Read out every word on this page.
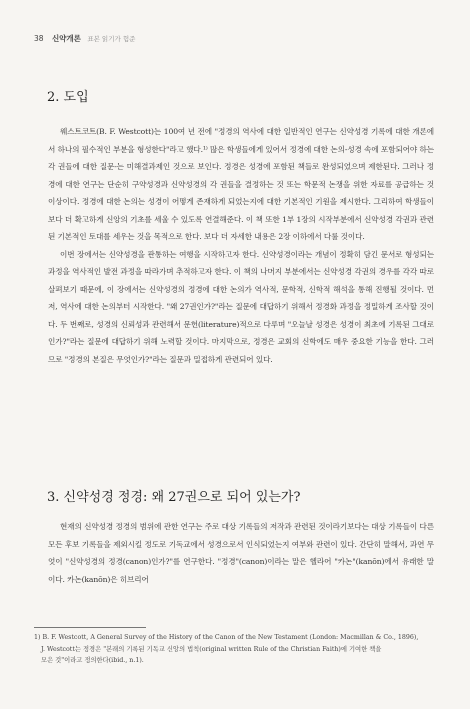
38 신약개론 표본 읽기가 험준
2. 도입

웨스트코트(B. F. Westcott)는 100여 년 전에 "정경의 역사에 대한 일반적인 연구는 신약성경 기록에 대한 개론에서 하나의 필수적인 부분을 형성한다"라고 했다.¹⁾ 많은 학생들에게 있어서 정경에 대한 논의-성경 속에 포함되어야 하는 각 권들에 대한 질문-는 미해결과제인 것으로 보인다. 정경은 성경에 포함된 책들로 완성되었으며 제한된다. 그러나 정경에 대한 연구는 단순히 구약성경과 신약성경의 각 권들을 결정하는 것 또는 학문적 논쟁을 위한 자료를 공급하는 것 이상이다. 정경에 대한 논의는 성경이 어떻게 존재하게 되었는지에 대한 기본적인 기원을 제시한다. 그리하여 학생들이 보다 더 확고하게 신앙의 기초를 세울 수 있도록 연결해준다. 이 책 또한 1부 1장의 시작부분에서 신약성경 각권과 관련된 기본적인 토대를 세우는 것을 목적으로 한다. 보다 더 자세한 내용은 2장 이하에서 다룰 것이다.

이번 장에서는 신약성경을 판통하는 여행을 시작하고자 한다. 신약성경이라는 개념이 정확히 담긴 문서로 형성되는 과정을 역사적인 발전 과정을 따라가며 추적하고자 한다. 이 책의 나머지 부분에서는 신약성경 각권의 경우를 각각 따로 살펴보기 때문에, 이 장에서는 신약성경의 정경에 대한 논의가 역사적, 문학적, 신학적 해석을 통해 진행될 것이다. 먼저, 역사에 대한 논의부터 시작한다. "왜 27권인가?"라는 질문에 대답하기 위해서 정경화 과정을 정밀하게 조사할 것이다. 두 번째로, 성경의 신뢰성과 관련해서 문헌(literature)적으로 다루며 "오늘날 성경은 성경이 최초에 기록된 그대로인가?"라는 질문에 대답하기 위해 노력할 것이다. 마지막으로, 정경은 교회의 신학에도 매우 중요한 기능을 한다. 그러므로 "정경의 본질은 무엇인가?"라는 질문과 밀접하게 관련되어 있다.

3. 신약성경 정경: 왜 27권으로 되어 있는가?

현재의 신약성경 정경의 범위에 관한 연구는 주로 대상 기록들의 저작과 관련된 것이라기보다는 대상 기록들이 다른 모든 후보 기록들을 제외시킬 정도로 기독교에서 성경으로서 인식되었는지 여부와 관련이 있다. 간단히 말해서, 과연 무엇이 "신약성경의 정경(canon)인가?"를 연구한다. "정경"(canon)이라는 말은 헬라어 "카논"(kanōn)에서 유래한 말이다. 카논(kanōn)은 히브리어

1) B. F. Westcott, A General Survey of the History of the Canon of the New Testament (London: Macmillan & Co., 1896),
J. Westcott는 정경은 "본래의 기록된 기독교 신앙의 법칙(original written Rule of the Christian Faith)에 기여한 책을
모은 것"이라고 정의한다(ibid., n.1).
